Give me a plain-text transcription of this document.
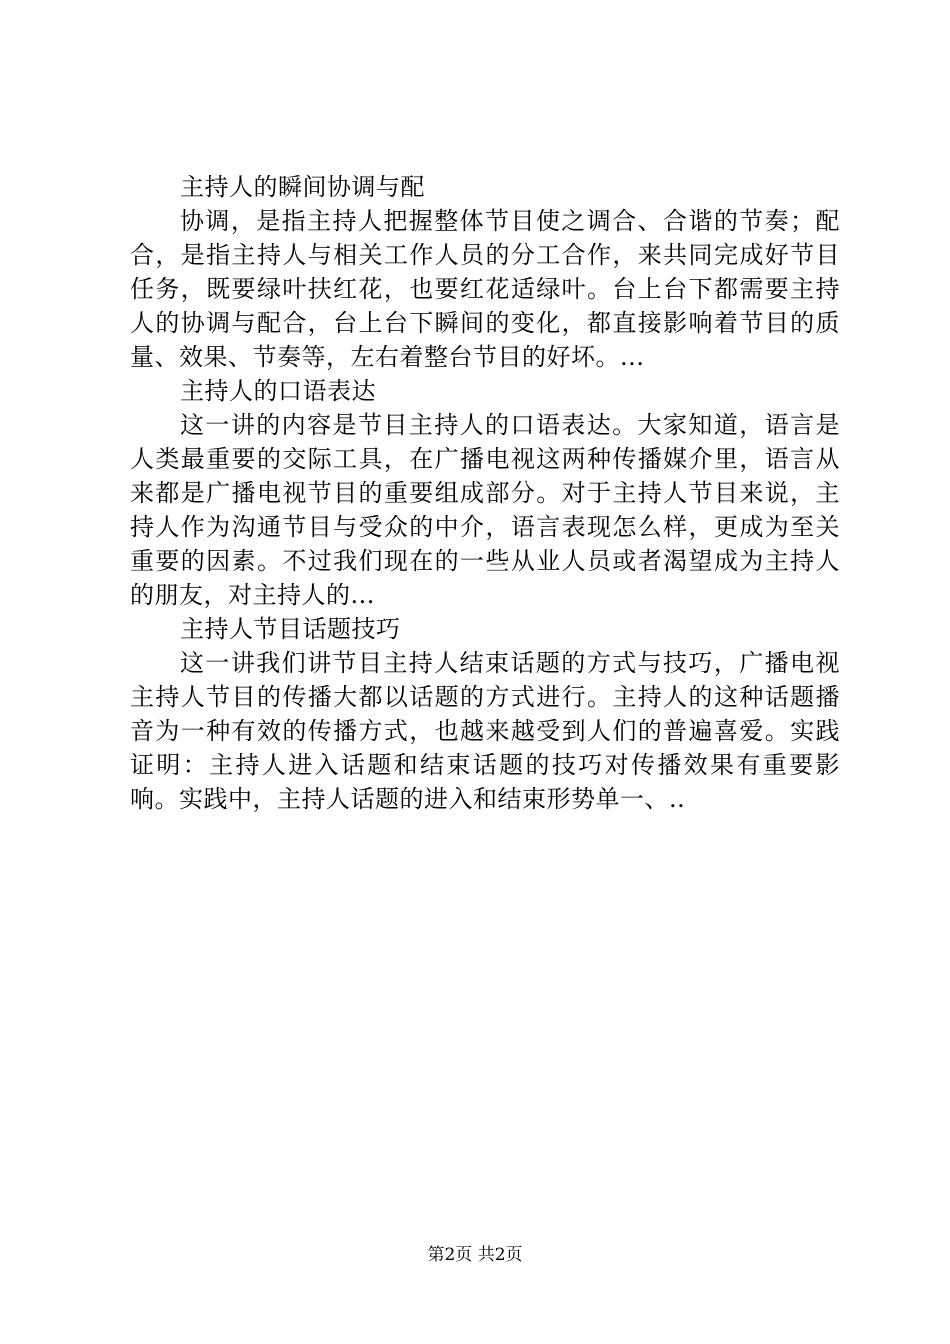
主持人的瞬间协调与配

协调，是指主持人把握整体节目使之调合、合谐的节奏；配合，是指主持人与相关工作人员的分工合作，来共同完成好节目任务，既要绿叶扶红花，也要红花适绿叶。台上台下都需要主持人的协调与配合，台上台下瞬间的变化，都直接影响着节目的质量、效果、节奏等，左右着整台节目的好坏。...

主持人的口语表达

这一讲的内容是节目主持人的口语表达。大家知道，语言是人类最重要的交际工具，在广播电视这两种传播媒介里，语言从来都是广播电视节目的重要组成部分。对于主持人节目来说，主持人作为沟通节目与受众的中介，语言表现怎么样，更成为至关重要的因素。不过我们现在的一些从业人员或者渴望成为主持人的朋友，对主持人的...

主持人节目话题技巧

这一讲我们讲节目主持人结束话题的方式与技巧，广播电视主持人节目的传播大都以话题的方式进行。主持人的这种话题播音为一种有效的传播方式，也越来越受到人们的普遍喜爱。实践证明：主持人进入话题和结束话题的技巧对传播效果有重要影响。实践中，主持人话题的进入和结束形势单一、..

第2页 共2页
